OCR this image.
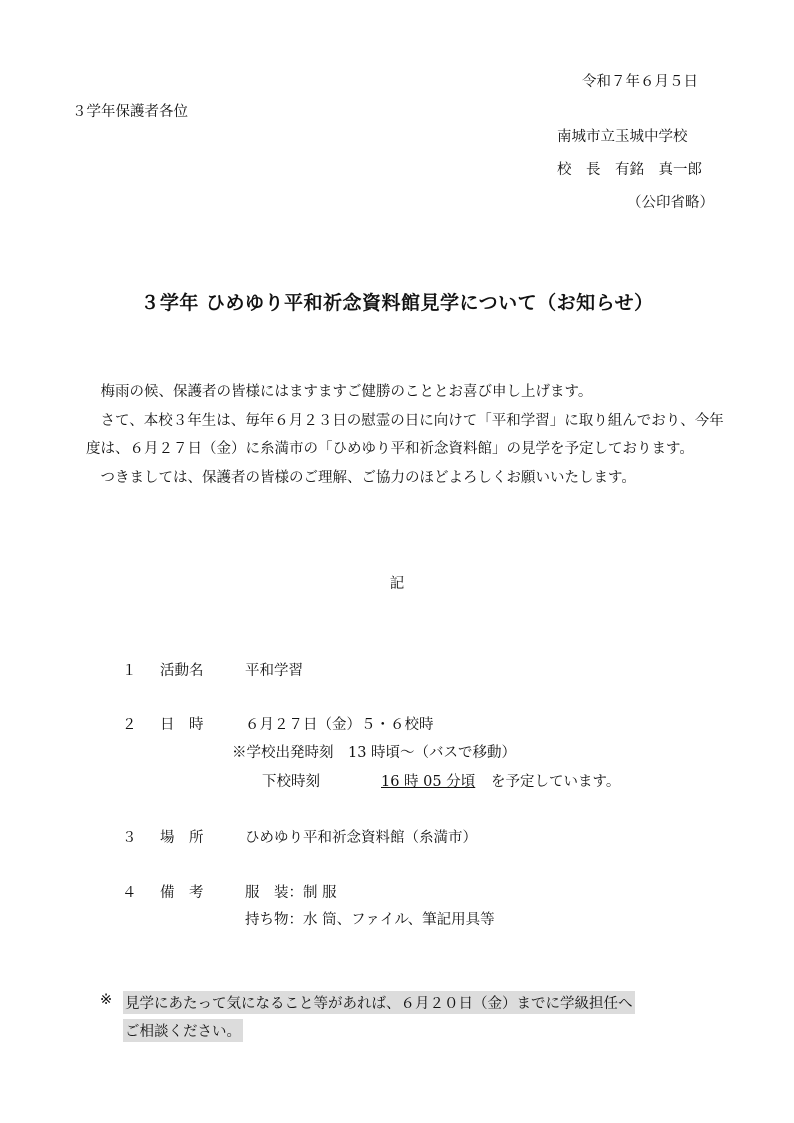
令和７年６月５日
３学年保護者各位
南城市立玉城中学校
校　長　有銘　真一郎
（公印省略）
３学年 ひめゆり平和祈念資料館見学について（お知らせ）

梅雨の候、保護者の皆様にはますますご健勝のこととお喜び申し上げます。

さて、本校３年生は、毎年６月２３日の慰霊の日に向けて「平和学習」に取り組んでおり、今年度は、６月２７日（金）に糸満市の「ひめゆり平和祈念資料館」の見学を予定しております。

つきましては、保護者の皆様のご理解、ご協力のほどよろしくお願いいたします。

記
１ 活動名	平和学習
２ 日　時	６月２７日（金）５・６校時
※学校出発時刻　13 時頃～（バスで移動）
下校時刻	16 時 05 分頃 を予定しています。
３ 場　所	ひめゆり平和祈念資料館（糸満市）
４ 備　考	服　装：制 服
持ち物：水 筒、ファイル、筆記用具等
※ 見学にあたって気になること等があれば、６月２０日（金）までに学級担任へ
ご相談ください。
